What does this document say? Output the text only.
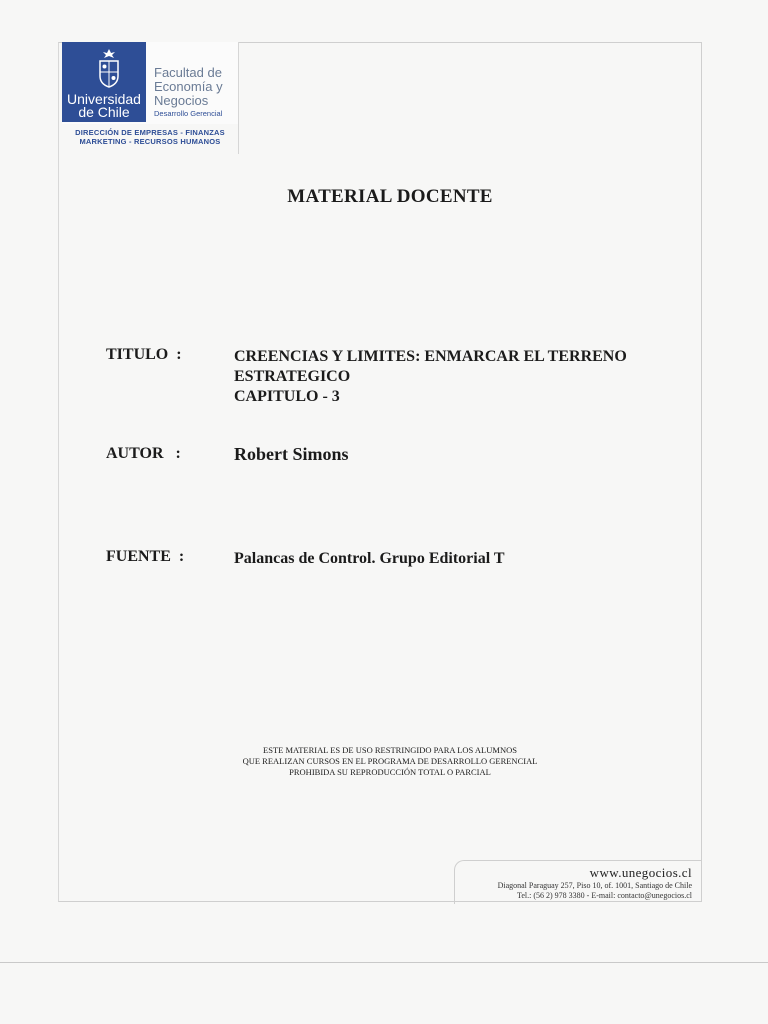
Universidad
de Chile
Facultad de
Economía y
Negocios
Desarrollo Gerencial
DIRECCIÓN DE EMPRESAS - FINANZAS
MARKETING - RECURSOS HUMANOS
MATERIAL DOCENTE
TITULO  :	CREENCIAS Y LIMITES: ENMARCAR EL TERRENO
ESTRATEGICO
CAPITULO - 3
AUTOR   :	Robert Simons
FUENTE  :	Palancas de Control. Grupo Editorial T
ESTE MATERIAL ES DE USO RESTRINGIDO PARA LOS ALUMNOS
QUE REALIZAN CURSOS EN EL PROGRAMA DE DESARROLLO GERENCIAL
PROHIBIDA SU REPRODUCCIÓN TOTAL O PARCIAL
www.unegocios.cl
Diagonal Paraguay 257, Piso 10, of. 1001, Santiago de Chile
Tel.: (56 2) 978 3380 - E-mail: contacto@unegocios.cl
